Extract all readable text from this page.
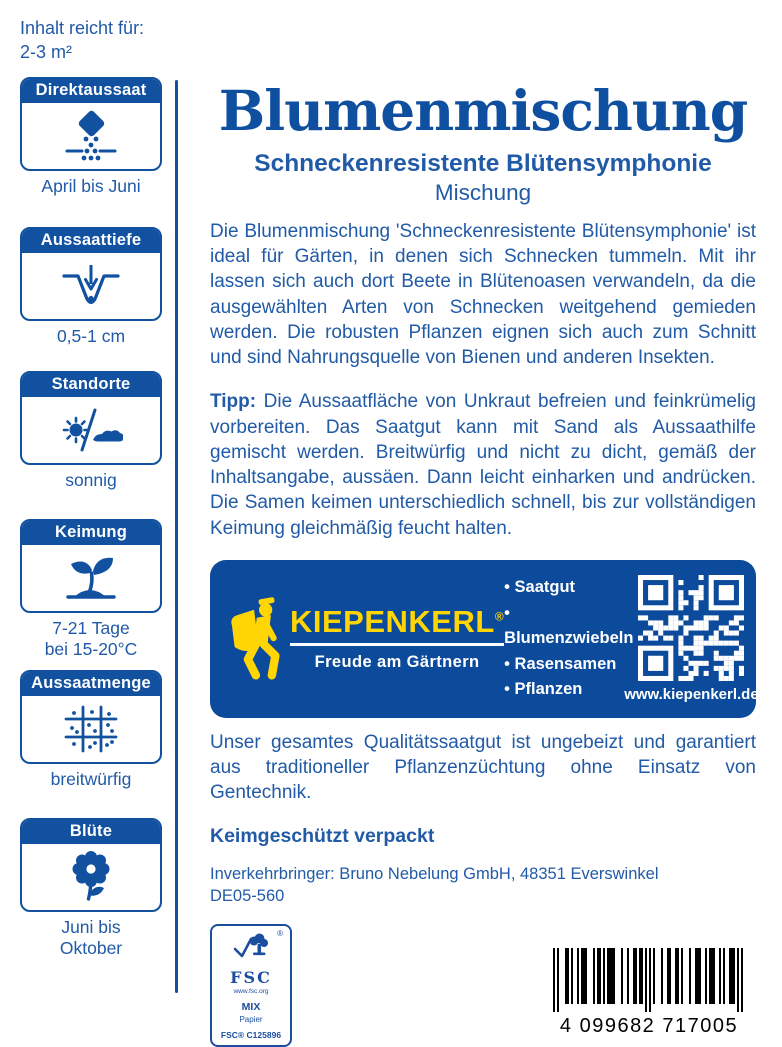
Inhalt reicht für:
2-3 m²
Direktaussaat
April bis Juni
Aussaattiefe
0,5-1 cm
Standorte
sonnig
Keimung
7-21 Tage
bei 15-20°C
Aussaatmenge
breitwürfig
Blüte
Juni bis
Oktober
Blumenmischung
Schneckenresistente Blütensymphonie
Mischung

Die Blumenmischung 'Schneckenresistente Blütensymphonie' ist ideal für Gärten, in denen sich Schnecken tummeln. Mit ihr lassen sich auch dort Beete in Blütenoasen verwandeln, da die ausgewählten Arten von Schnecken weitgehend gemieden werden. Die robusten Pflanzen eignen sich auch zum Schnitt und sind Nahrungsquelle von Bienen und anderen Insekten.

Tipp: Die Aussaatfläche von Unkraut befreien und feinkrümelig vorbereiten. Das Saatgut kann mit Sand als Aussaathilfe gemischt werden. Breitwürfig und nicht zu dicht, gemäß der Inhaltsangabe, aussäen. Dann leicht einharken und andrücken. Die Samen keimen unterschiedlich schnell, bis zur vollständigen Keimung gleichmäßig feucht halten.

KIEPENKERL®
Freude am Gärtnern
• Saatgut
• Blumenzwiebeln
• Rasensamen
• Pflanzen	www.kiepenkerl.de

Unser gesamtes Qualitätssaatgut ist ungebeizt und garantiert aus traditioneller Pflanzenzüchtung ohne Einsatz von Gentechnik.

Keimgeschützt verpackt
Inverkehrbringer: Bruno Nebelung GmbH, 48351 Everswinkel
DE05-560
®
FSC
www.fsc.org
MIX
Papier
FSC® C125896	4 099682 717005
